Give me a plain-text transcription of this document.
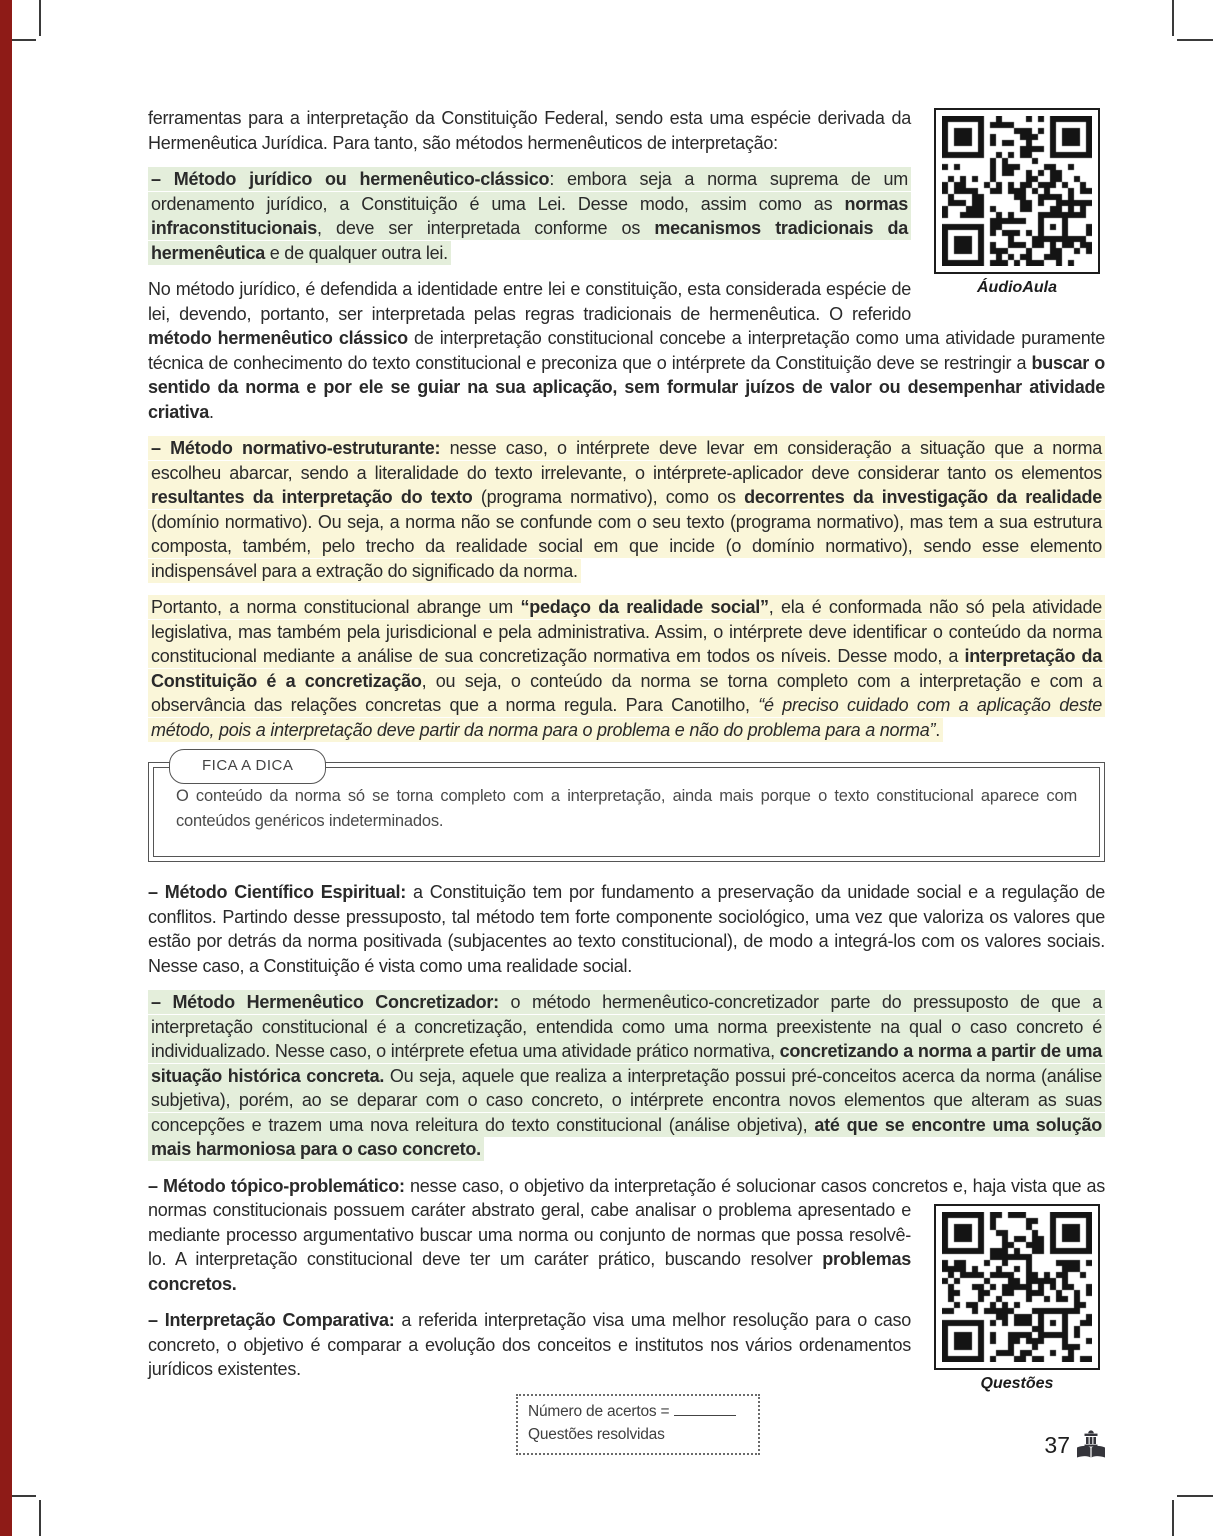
ÁudioAula

ferramentas para a interpretação da Constituição Federal, sendo esta uma espécie derivada da Hermenêutica Jurídica. Para tanto, são métodos hermenêuticos de interpretação:

– Método jurídico ou hermenêutico-clássico: embora seja a norma suprema de um ordenamento jurídico, a Constituição é uma Lei. Desse modo, assim como as normas infraconstitucionais, deve ser interpretada conforme os mecanismos tradicionais da hermenêutica e de qualquer outra lei.

No método jurídico, é defendida a identidade entre lei e constituição, esta considerada espécie de lei, devendo, portanto, ser interpretada pelas regras tradicionais de hermenêutica. O referido método hermenêutico clássico de interpretação constitucional concebe a interpretação como uma atividade puramente técnica de conhecimento do texto constitucional e preconiza que o intérprete da Constituição deve se restringir a buscar o sentido da norma e por ele se guiar na sua aplicação, sem formular juízos de valor ou desempenhar atividade criativa.

– Método normativo-estruturante: nesse caso, o intérprete deve levar em consideração a situação que a norma escolheu abarcar, sendo a literalidade do texto irrelevante, o intérprete-aplicador deve considerar tanto os elementos resultantes da interpretação do texto (programa normativo), como os decorrentes da investigação da realidade (domínio normativo). Ou seja, a norma não se confunde com o seu texto (programa normativo), mas tem a sua estrutura composta, também, pelo trecho da realidade social em que incide (o domínio normativo), sendo esse elemento indispensável para a extração do significado da norma.

Portanto, a norma constitucional abrange um “pedaço da realidade social”, ela é conformada não só pela atividade legislativa, mas também pela jurisdicional e pela administrativa. Assim, o intérprete deve identificar o conteúdo da norma constitucional mediante a análise de sua concretização normativa em todos os níveis. Desse modo, a interpretação da Constituição é a concretização, ou seja, o conteúdo da norma se torna completo com a interpretação e com a observância das relações concretas que a norma regula. Para Canotilho, “é preciso cuidado com a aplicação deste método, pois a interpretação deve partir da norma para o problema e não do problema para a norma”.

FICA A DICA
O conteúdo da norma só se torna completo com a interpretação, ainda mais porque o texto constitucional aparece com conteúdos genéricos indeterminados.

– Método Científico Espiritual: a Constituição tem por fundamento a preservação da unidade social e a regulação de conflitos. Partindo desse pressuposto, tal método tem forte componente sociológico, uma vez que valoriza os valores que estão por detrás da norma positivada (subjacentes ao texto constitucional), de modo a integrá-los com os valores sociais. Nesse caso, a Constituição é vista como uma realidade social.

– Método Hermenêutico Concretizador: o método hermenêutico-concretizador parte do pressuposto de que a interpretação constitucional é a concretização, entendida como uma norma preexistente na qual o caso concreto é individualizado. Nesse caso, o intérprete efetua uma atividade prático normativa, concretizando a norma a partir de uma situação histórica concreta. Ou seja, aquele que realiza a interpretação possui pré-conceitos acerca da norma (análise subjetiva), porém, ao se deparar com o caso concreto, o intérprete encontra novos elementos que alteram as suas concepções e trazem uma nova releitura do texto constitucional (análise objetiva), até que se encontre uma solução mais harmoniosa para o caso concreto.

– Método tópico-problemático: nesse caso, o objetivo da interpretação é solucionar casos concretos e, haja
Questões
vista que as normas constitucionais possuem caráter abstrato geral, cabe analisar o problema apresentado e mediante processo argumentativo buscar uma norma ou conjunto de normas que possa resolvê-lo. A interpretação constitucional deve ter um caráter prático, buscando resolver problemas concretos.

– Interpretação Comparativa: a referida interpretação visa uma melhor resolução para o caso concreto, o objetivo é comparar a evolução dos conceitos e institutos nos vários ordenamentos jurídicos existentes.

Número de acertos =
Questões resolvidas	37
